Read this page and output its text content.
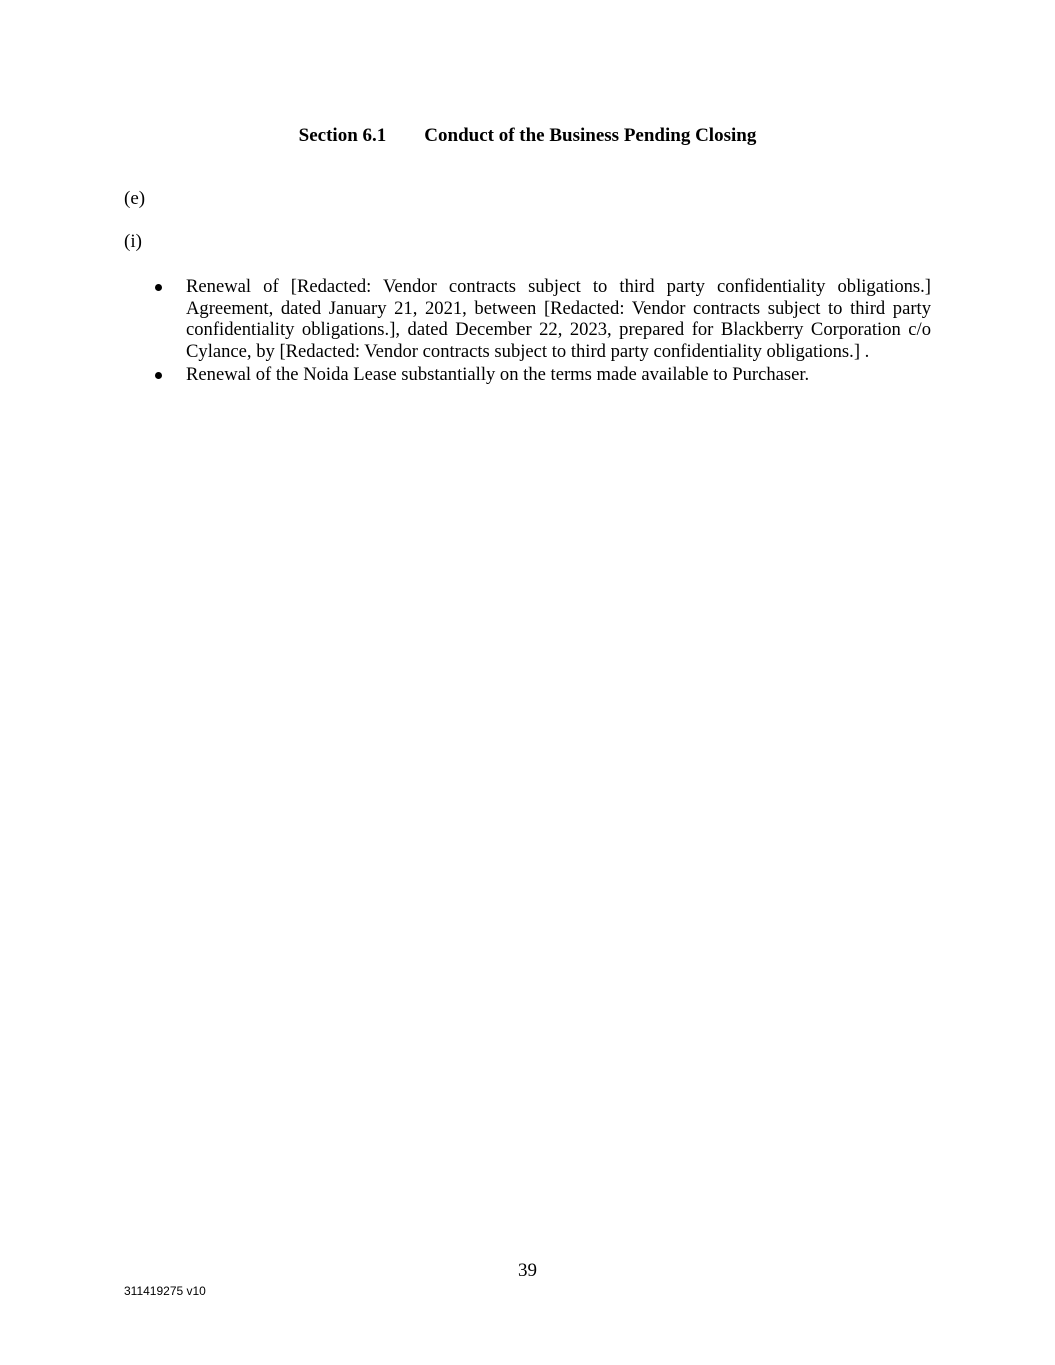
Section 6.1 Conduct of the Business Pending Closing
(e)
(i)
Renewal of [Redacted: Vendor contracts subject to third party confidentiality obligations.] Agreement, dated January 21, 2021, between [Redacted: Vendor contracts subject to third party confidentiality obligations.], dated December 22, 2023, prepared for Blackberry Corporation c/o Cylance, by [Redacted: Vendor contracts subject to third party confidentiality obligations.] .
Renewal of the Noida Lease substantially on the terms made available to Purchaser.
39
311419275 v10
